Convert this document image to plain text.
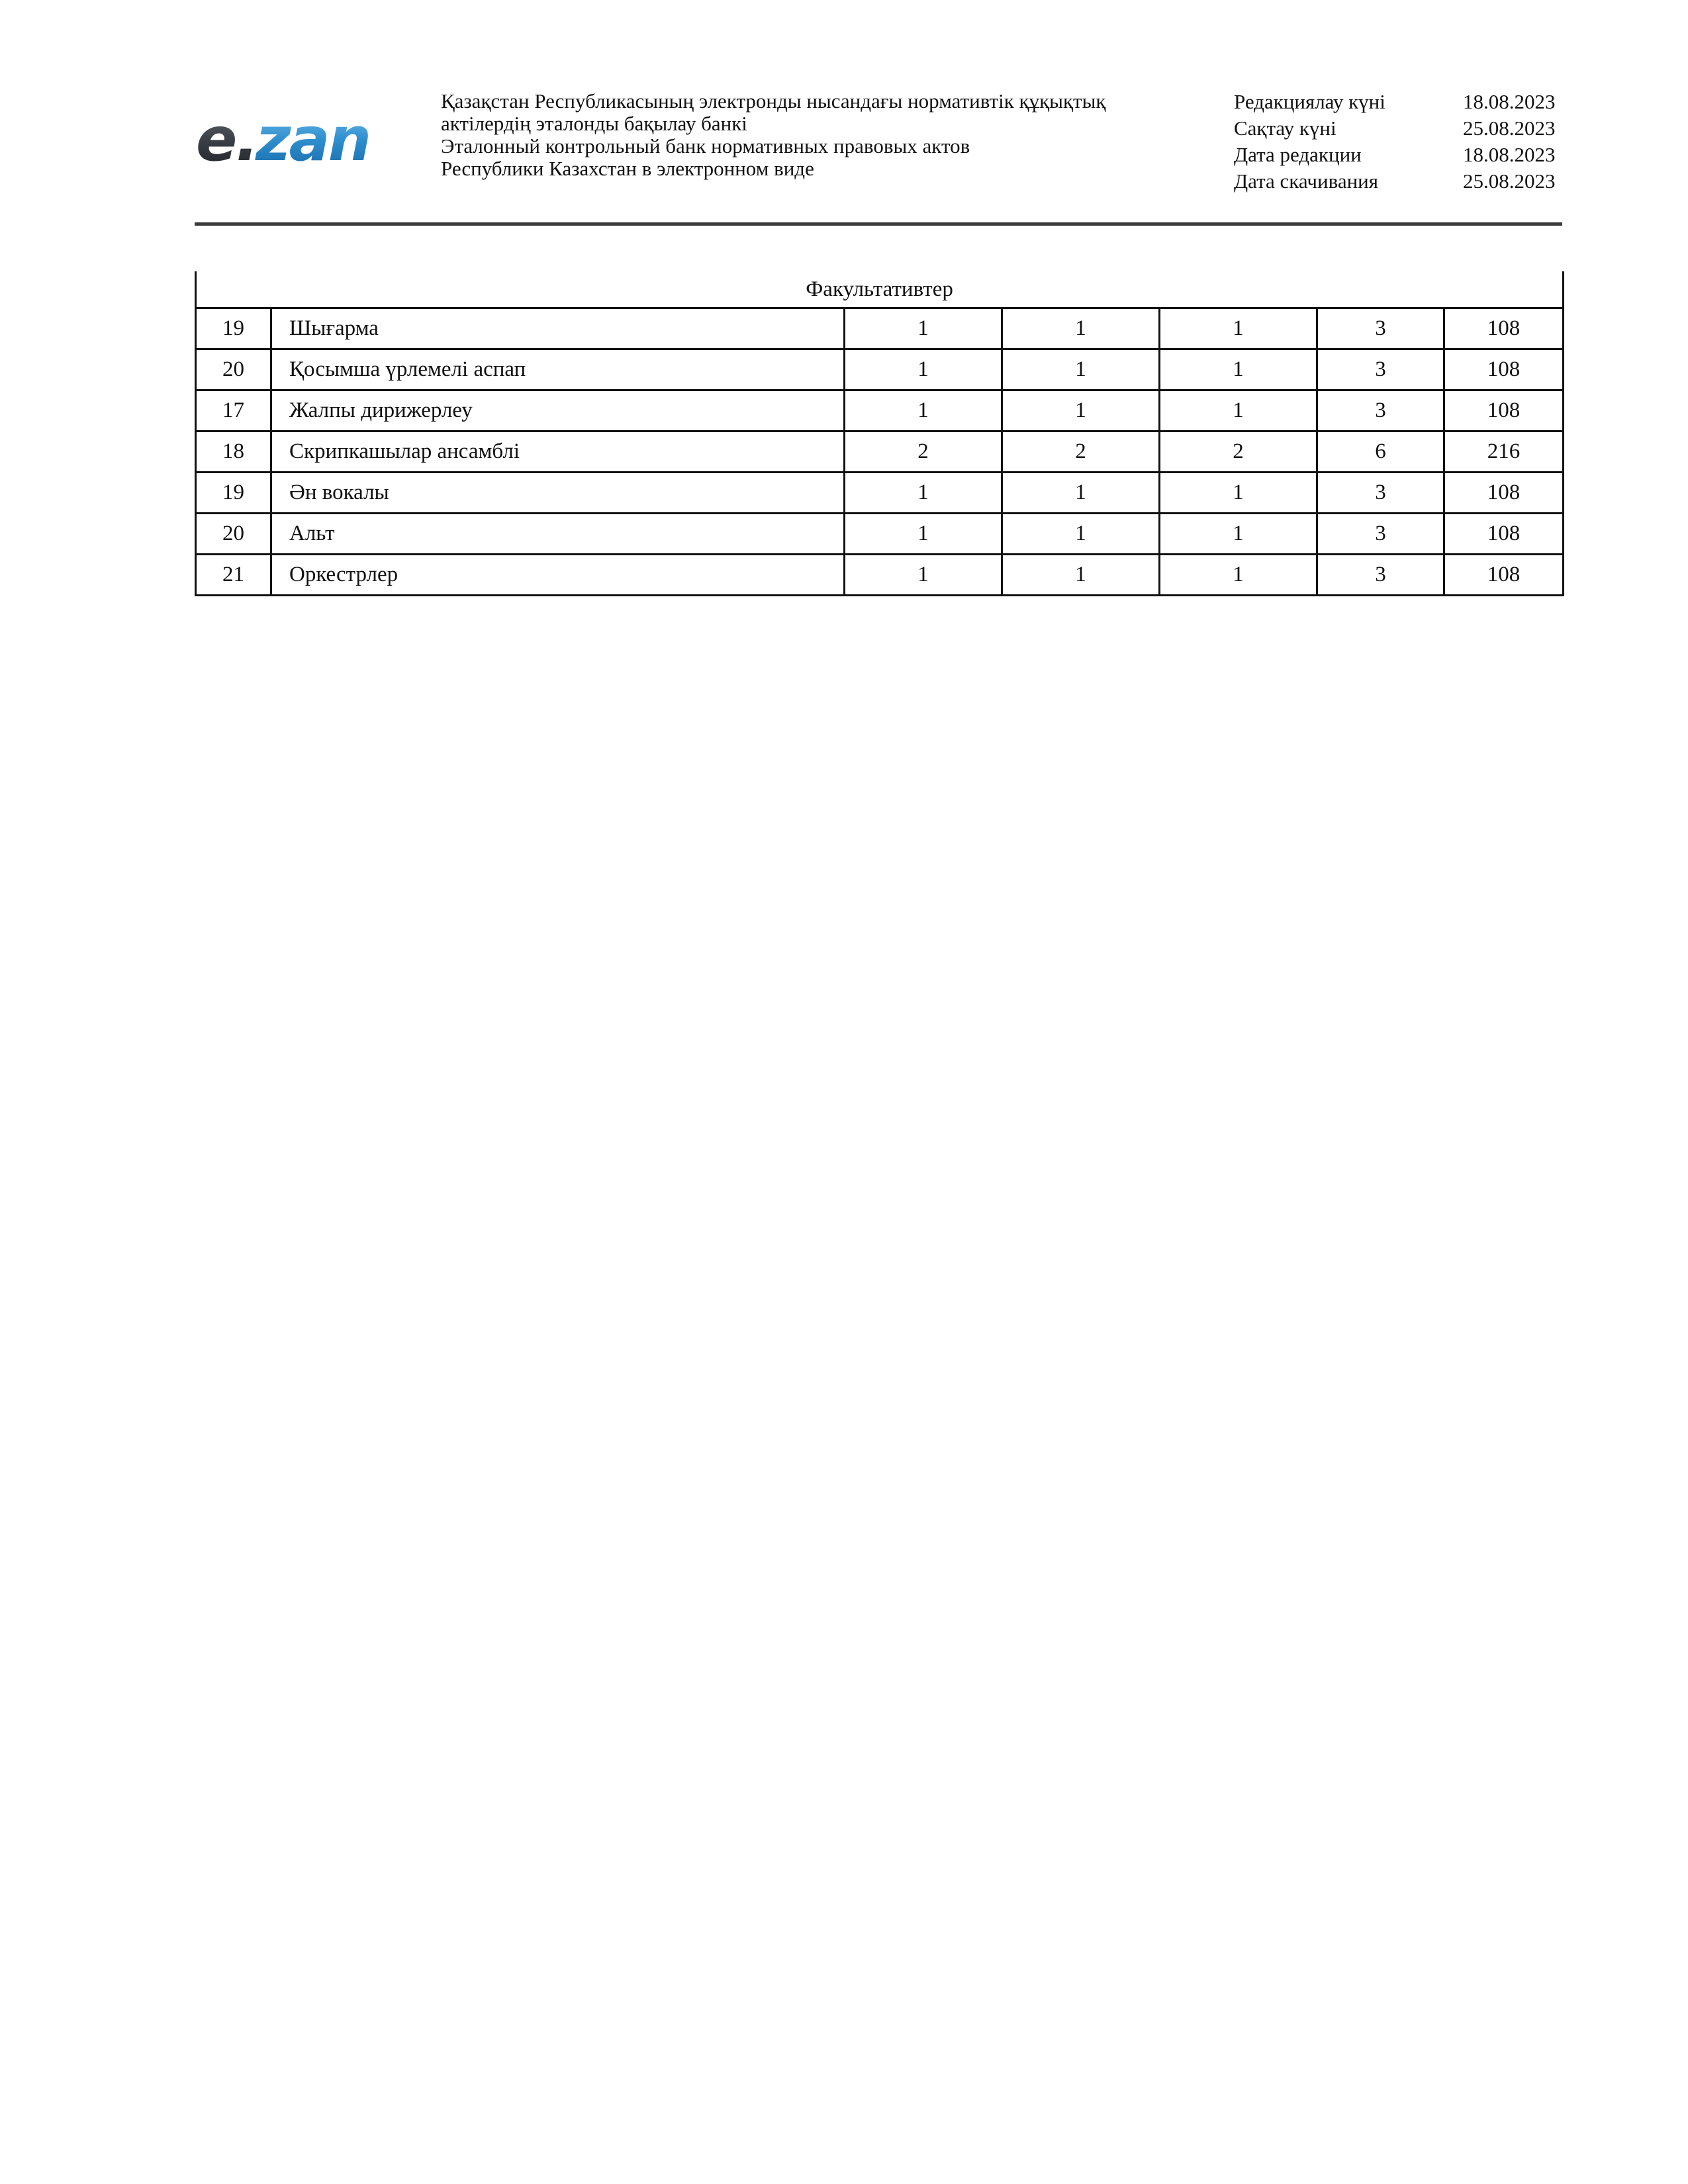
e .
zan
Қазақстан Республикасының электронды нысандағы нормативтік құқықтық
актілердің эталонды бақылау банкі
Эталонный контрольный банк нормативных правовых актов
Республики Казахстан в электронном виде
Редакциялау күні	18.08.2023
Сақтау күні	25.08.2023
Дата редакции	18.08.2023
Дата скачивания	25.08.2023
Факультативтер						
19	Шығарма	1	1	1	3	108
20	Қосымша үрлемелі аспап	1	1	1	3	108
17	Жалпы дирижерлеу	1	1	1	3	108
18	Скрипкашылар ансамблі	2	2	2	6	216
19	Ән вокалы	1	1	1	3	108
20	Альт	1	1	1	3	108
21	Оркестрлер	1	1	1	3	108
